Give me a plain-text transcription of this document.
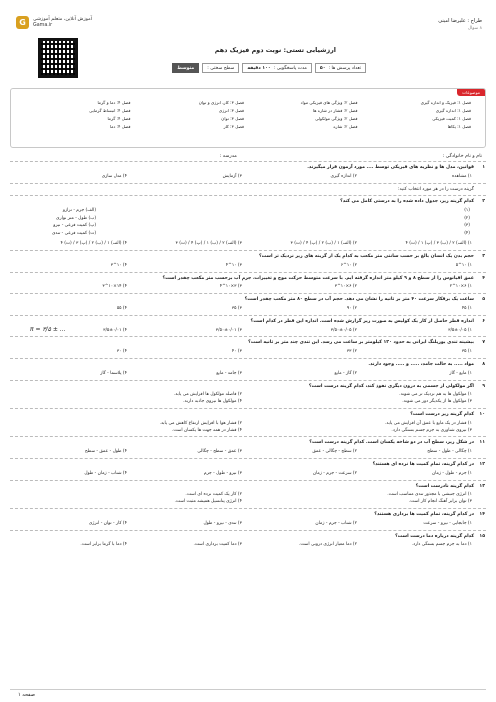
G	آموزش آنلاین، متعلم آموزشی
Gama.ir
طراح : علیرضا امینی
۸ سوال
ارزشیابی تستی: نوبت دوم فیزیک دهم
تعداد پرسش ها :
۵۰
مدت پاسخگویی :
۱۰۰ دقیقه
سطح سختی :
متوسط
موضوعات
فصل ۱: فیزیک و اندازه گیری
فصل ۲: ویژگی های فیزیکی مواد
فصل ۳: کار، انرژی و توان
فصل ۴: دما و گرما
فصل ۱: اندازه گیری
فصل ۲: فشار در شاره ها
فصل ۳: انرژی
فصل ۴: انبساط گرمایی
فصل ۱: کمیت فیزیکی
فصل ۲: ویژگی مولکولی
فصل ۳: توان
فصل ۴: گرما
فصل ۱: یکاها
فصل ۲: شاره
فصل ۳: کار
فصل ۴: دما
نام و نام خانوادگی :
مدرسه :
۱
قوانین، مدل ها و نظریه های فیزیکی توسط .... مورد آزمون قرار میگیرند.
۱) مشاهده
۲) اندازه گیری
۳) آزمایش
۴) مدل سازی
گزینه درست را در هر مورد انتخاب کنید:
۲
کدام گزینه زیر، جدول داده شده را به درستی کامل می کند؟
(۱)
(۲)
(۳)
(۴)
(الف) جرم - ترازو
(ب) طول - متر نواری
(پ) کمیت فرعی - نیرو
(ت) کمیت فرعی - تندی
۱) (الف) ۲ / (ب) ۳ / (پ) ۱ / (ت) ۴
۲) (الف) ۱ / (ب) ۲ / (پ) ۴ / (ت) ۳
۳) (الف) ۲ / (ب) ۱ / (پ) ۴ / (ت) ۳
۴) (الف) ۱ / (ب) ۲ / (پ) ۳ / (ت) ۴
۳
حجم بدن یک انسان بالغ بر حسب سانتی متر مکعب به کدام یک از گزینه های زیر نزدیک تر است؟
۱) ۱۰^۵
۲) ۱۰^۶
۳) ۱۰^۴
۴) ۱۰^۳
۴
عمق اقیانوس را از سطح ۸ و ۹ کیلو متر اندازه گرفته ایم. با سرعت متوسط حرکت موج و تغییرات، جرم آب برحسب متر مکعب چقدر است؟
۱) ۶×۱۰^۲
۲) ۶×۱۰^۳
۳) ۳×۱۰^۴
۴) ۱۴×۱۰^۳
۵
ساعت یک برقکار سرعت ۴۰ متر بر ثانیه را نشان می دهد. حجم آب در سطح ۸۰ متر مکعب چقدر است؟
۱) ۴۵
۲) ۹۰
۳) ۳۵
۴) ۵۵
۶
اندازه قطر حاصل از کار یک کولیس به صورت زیر گزارش شده است. اندازه این قطر در کدام است؟
π = ۳/۵ ± ...	۱) ۳/۵±۰/۰۵
۲) ۳/۵۰±۰/۰۵
۳) ۳/۵۰±۰/۰۱
۴) ۳/۵±۰/۰۱
۷
بیشینه تندی یوزپلنگ ایرانی به حدود ۱۲۰ کیلومتر بر ساعت می رسد. این تندی چند متر بر ثانیه است؟
۱) ۳۵
۲) ۳۳
۳) ۴۰
۴) ۳۰
۸
مواد ..... به حالت جامد، ..... و ..... وجود دارند.
۱) مایع - گاز
۲) گاز - مایع
۳) جامد - مایع
۴) پلاسما - گاز
۹
اگر مولکولی از جسمی به درون دیگری نفوذ کند، کدام گزینه درست است؟
۱) مولکول ها به هم نزدیک تر می شوند.
۲) فاصله مولکول ها افزایش می یابد.
۳) مولکول ها از یکدیگر دور می شوند.
۴) مولکول ها نیروی جاذبه دارند.
۱۰
کدام گزینه زیر درست است؟
۱) فشار در یک مایع با عمق آن افزایش می یابد.
۲) فشار هوا با افزایش ارتفاع کاهش می یابد.
۳) نیروی شناوری به جرم جسم بستگی دارد.
۴) فشار در همه جهت ها یکسان است.
۱۱
در شکل زیر، سطح آب در دو شاخه یکسان است. کدام گزینه درست است؟
۱) چگالی - طول - سطح
۲) سطح - چگالی - عمق
۳) عمق - سطح - چگالی
۴) طول - عمق - سطح
۱۲
در کدام گزینه، تمام کمیت ها نرده ای هستند؟
۱) جرم - طول - زمان
۲) سرعت - جرم - زمان
۳) نیرو - طول - جرم
۴) شتاب - زمان - طول
۱۳
کدام گزینه نادرست است؟
۱) انرژی جنبشی با مجذور تندی متناسب است.
۲) کار یک کمیت نرده ای است.
۳) توان برابر آهنگ انجام کار است.
۴) انرژی پتانسیل همیشه مثبت است.
۱۴
در کدام گزینه، تمام کمیت ها برداری هستند؟
۱) جابجایی - نیرو - سرعت
۲) شتاب - جرم - زمان
۳) تندی - نیرو - طول
۴) کار - توان - انرژی
۱۵
کدام گزینه درباره دما درست است؟
۱) دما به جرم جسم بستگی دارد.
۲) دما معیار انرژی درونی است.
۳) دما کمیت برداری است.
۴) دما با گرما برابر است.
صفحه ۱
